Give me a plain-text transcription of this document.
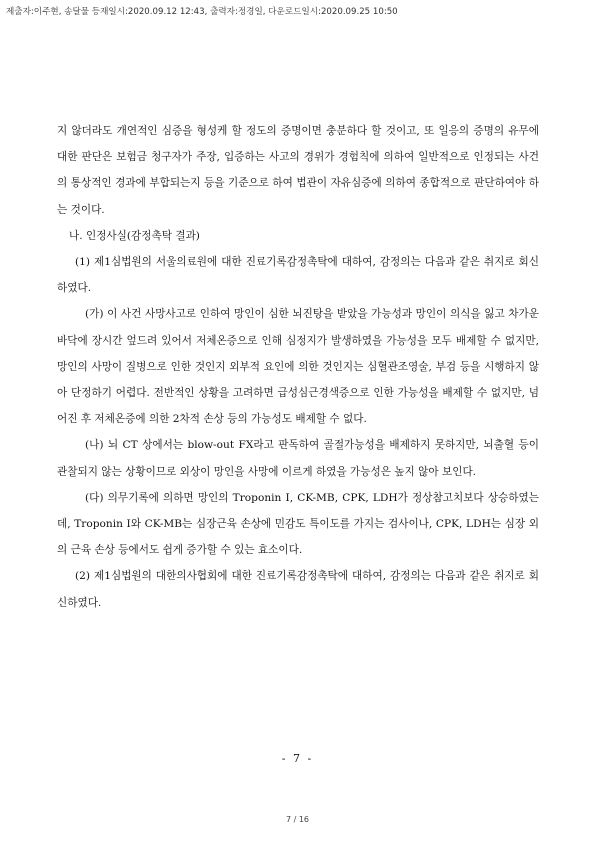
제출자:이주현, 송달물 등재일시:2020.09.12 12:43, 출력자:정경일, 다운로드일시:2020.09.25 10:50

지 않더라도 개연적인 심증을 형성케 할 정도의 증명이면 충분하다 할 것이고, 또 일응의 증명의 유무에 대한 판단은 보험금 청구자가 주장, 입증하는 사고의 경위가 경험칙에 의하여 일반적으로 인정되는 사건의 통상적인 경과에 부합되는지 등을 기준으로 하여 법관이 자유심증에 의하여 종합적으로 판단하여야 하는 것이다.

나. 인정사실(감정촉탁 결과)

(1) 제1심법원의 서울의료원에 대한 진료기록감정촉탁에 대하여, 감정의는 다음과 같은 취지로 회신하였다.

(가) 이 사건 사망사고로 인하여 망인이 심한 뇌진탕을 받았을 가능성과 망인이 의식을 잃고 차가운 바닥에 장시간 엎드려 있어서 저체온증으로 인해 심정지가 발생하였을 가능성을 모두 배제할 수 없지만, 망인의 사망이 질병으로 인한 것인지 외부적 요인에 의한 것인지는 심혈관조영술, 부검 등을 시행하지 않아 단정하기 어렵다. 전반적인 상황을 고려하면 급성심근경색증으로 인한 가능성을 배제할 수 없지만, 넘어진 후 저체온증에 의한 2차적 손상 등의 가능성도 배제할 수 없다.

(나) 뇌 CT 상에서는 blow-out FX라고 판독하여 골절가능성을 배제하지 못하지만, 뇌출혈 등이 관찰되지 않는 상황이므로 외상이 망인을 사망에 이르게 하였을 가능성은 높지 않아 보인다.

(다) 의무기록에 의하면 망인의 Troponin I, CK-MB, CPK, LDH가 정상참고치보다 상승하였는데, Troponin I와 CK-MB는 심장근육 손상에 민감도 특이도를 가지는 검사이나, CPK, LDH는 심장 외의 근육 손상 등에서도 쉽게 증가할 수 있는 효소이다.

(2) 제1심법원의 대한의사협회에 대한 진료기록감정촉탁에 대하여, 감정의는 다음과 같은 취지로 회신하였다.

- 7 -
7 / 16
